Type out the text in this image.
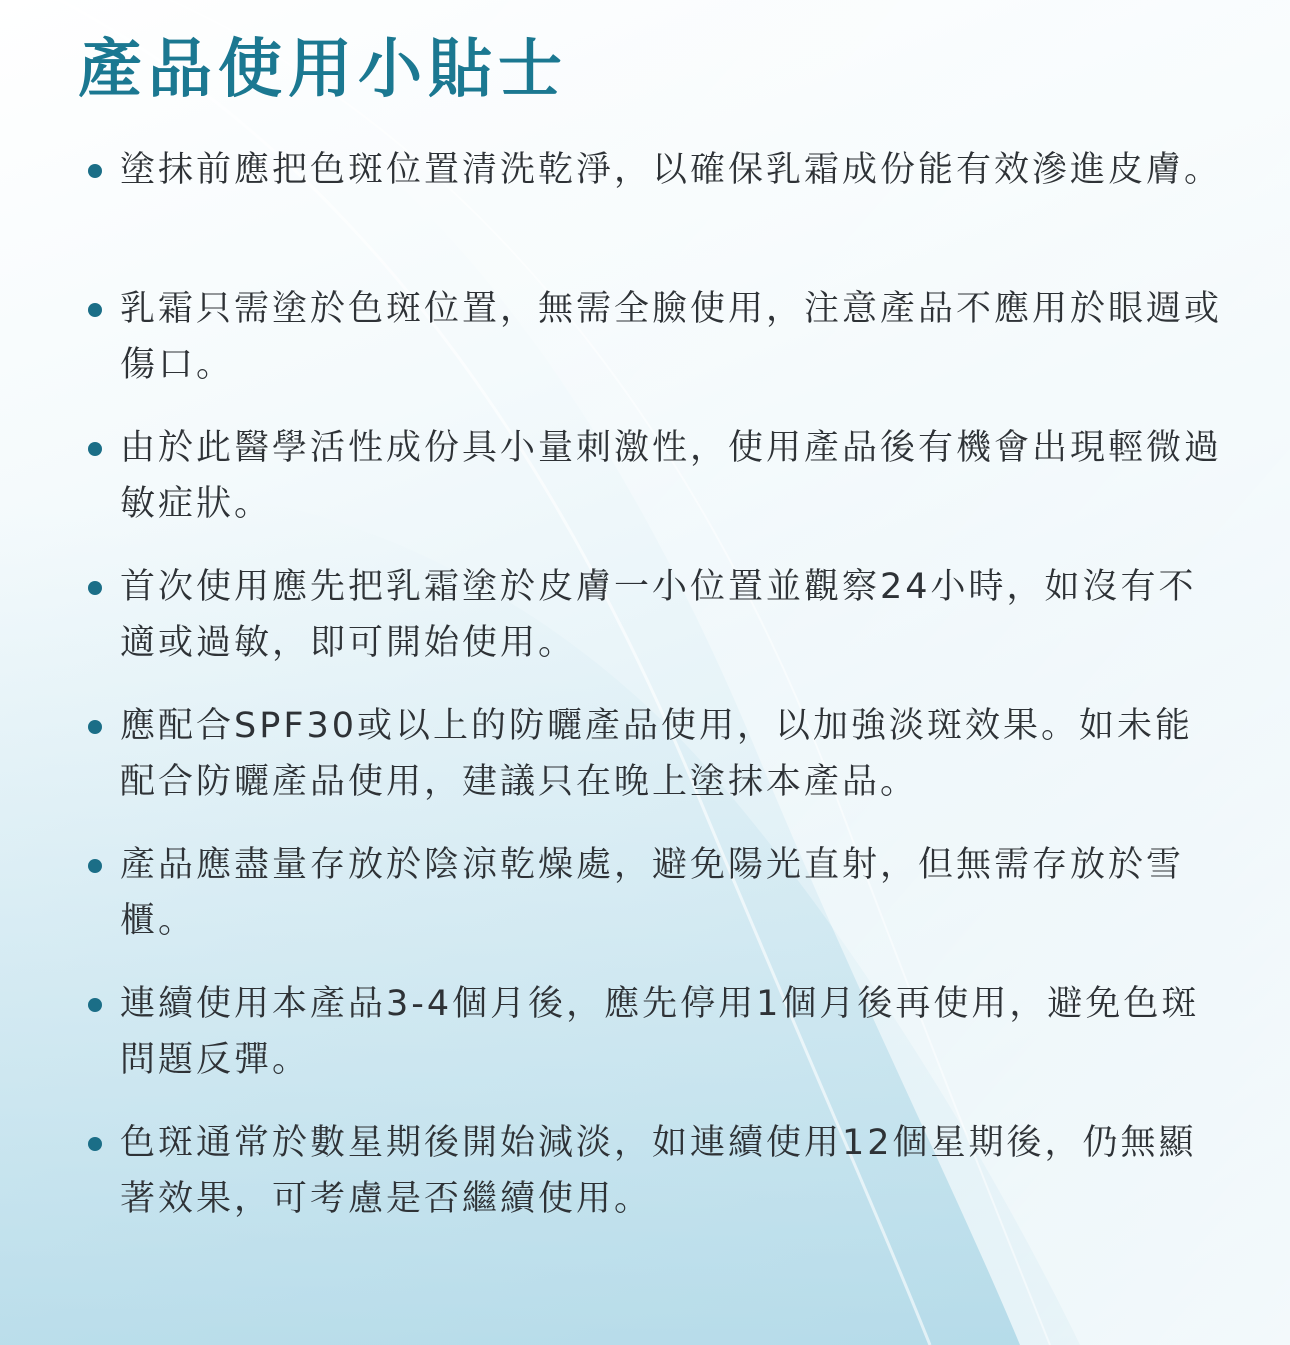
產品使用小貼士
塗抹前應把色斑位置清洗乾淨，以確保乳霜成份能有效滲進皮膚。
乳霜只需塗於色斑位置，無需全臉使用，注意產品不應用於眼週或傷口。
由於此醫學活性成份具小量刺激性，使用產品後有機會出現輕微過敏症狀。
首次使用應先把乳霜塗於皮膚一小位置並觀察24小時，如沒有不適或過敏，即可開始使用。
應配合SPF30或以上的防曬產品使用，以加強淡斑效果。如未能配合防曬產品使用，建議只在晚上塗抹本產品。
產品應盡量存放於陰涼乾燥處，避免陽光直射，但無需存放於雪櫃。
連續使用本產品3-4個月後，應先停用1個月後再使用，避免色斑問題反彈。
色斑通常於數星期後開始減淡，如連續使用12個星期後，仍無顯著效果，可考慮是否繼續使用。
